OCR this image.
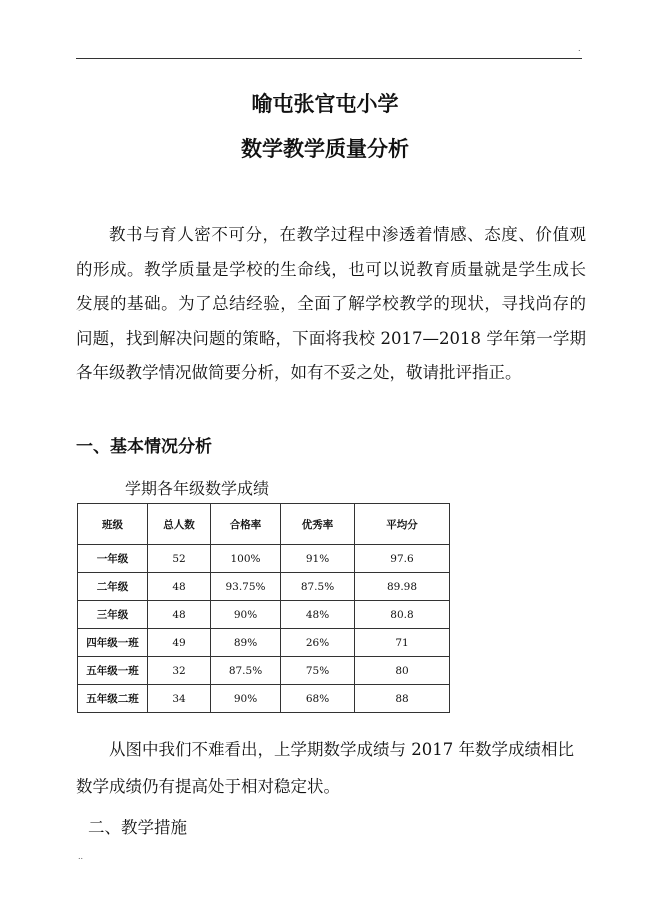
.
喻屯张官屯小学
数学教学质量分析

教书与育人密不可分，在教学过程中渗透着情感、态度、价值观的形成。教学质量是学校的生命线，也可以说教育质量就是学生成长发展的基础。为了总结经验，全面了解学校教学的现状，寻找尚存的问题，找到解决问题的策略，下面将我校 2017—2018 学年第一学期各年级教学情况做简要分析，如有不妥之处，敬请批评指正。

一、基本情况分析
学期各年级数学成绩
班级	总人数	合格率	优秀率	平均分
一年级	52	100%	91%	97.6
二年级	48	93.75%	87.5%	89.98
三年级	48	90%	48%	80.8
四年级一班	49	89%	26%	71
五年级一班	32	87.5%	75%	80
五年级二班	34	90%	68%	88

从图中我们不难看出，上学期数学成绩与 2017 年数学成绩相比数学成绩仍有提高处于相对稳定状。

二、教学措施
..
